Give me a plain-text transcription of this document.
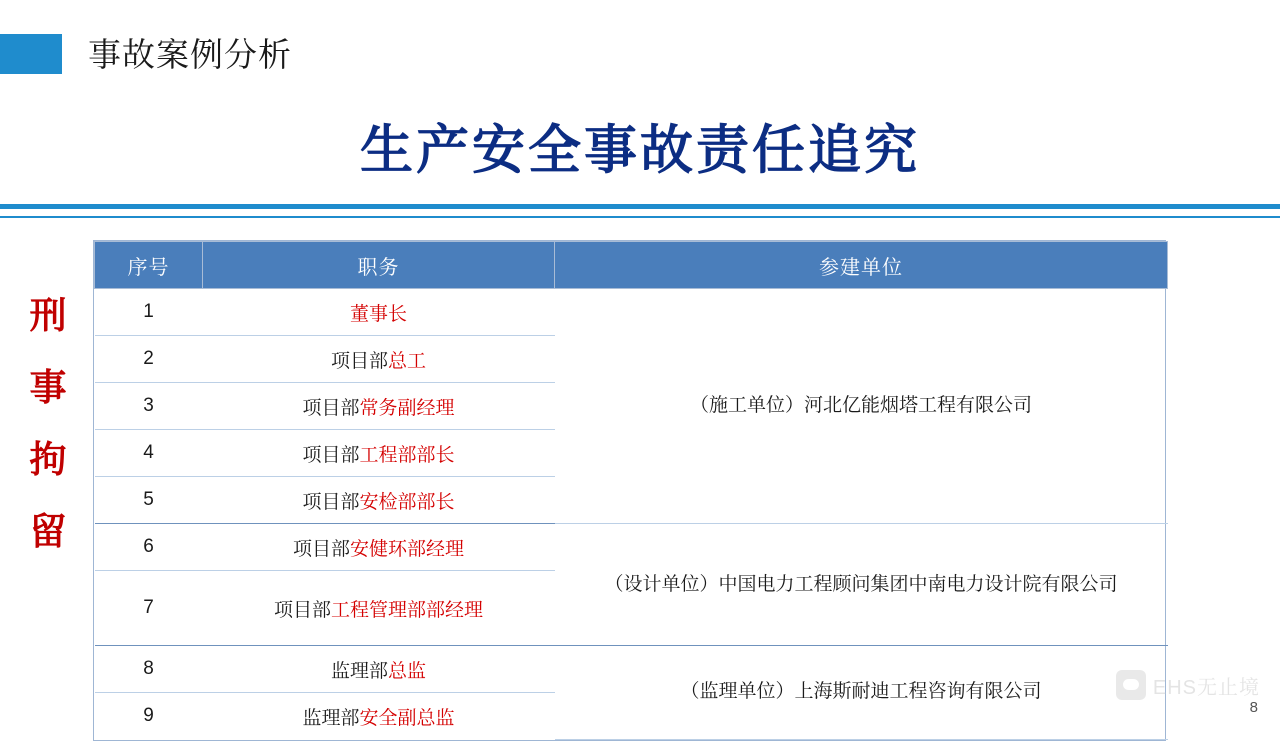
事故案例分析
生产安全事故责任追究
刑
事
拘
留
序号	职务	参建单位
1	董事长	（施工单位）河北亿能烟塔工程有限公司
2	项目部总工	
3	项目部常务副经理	
4	项目部工程部部长	
5	项目部安检部部长	
6	项目部安健环部经理	（设计单位）中国电力工程顾问集团中南电力设计院有限公司
7	项目部工程管理部部经理	
8	监理部总监	（监理单位）上海斯耐迪工程咨询有限公司
9	监理部安全副总监	
EHS无止境
8
